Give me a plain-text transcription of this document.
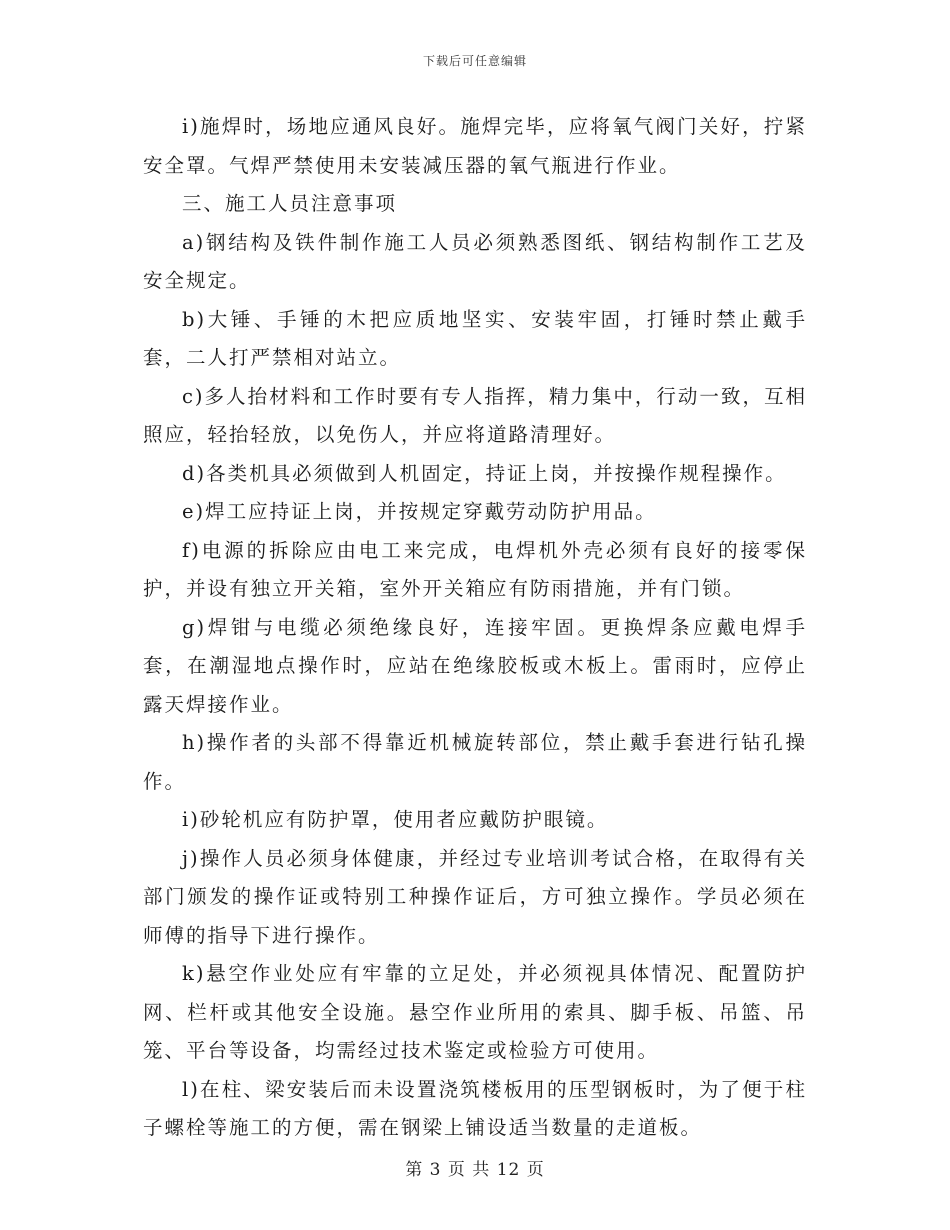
下载后可任意编辑

i)施焊时，场地应通风良好。施焊完毕，应将氧气阀门关好，拧紧安全罩。气焊严禁使用未安装减压器的氧气瓶进行作业。

三、施工人员注意事项

a)钢结构及铁件制作施工人员必须熟悉图纸、钢结构制作工艺及安全规定。

b)大锤、手锤的木把应质地坚实、安装牢固，打锤时禁止戴手套，二人打严禁相对站立。

c)多人抬材料和工作时要有专人指挥，精力集中，行动一致，互相照应，轻抬轻放，以免伤人，并应将道路清理好。

d)各类机具必须做到人机固定，持证上岗，并按操作规程操作。

e)焊工应持证上岗，并按规定穿戴劳动防护用品。

f)电源的拆除应由电工来完成，电焊机外壳必须有良好的接零保护，并设有独立开关箱，室外开关箱应有防雨措施，并有门锁。

g)焊钳与电缆必须绝缘良好，连接牢固。更换焊条应戴电焊手套，在潮湿地点操作时，应站在绝缘胶板或木板上。雷雨时，应停止露天焊接作业。

h)操作者的头部不得靠近机械旋转部位，禁止戴手套进行钻孔操作。

i)砂轮机应有防护罩，使用者应戴防护眼镜。

j)操作人员必须身体健康，并经过专业培训考试合格，在取得有关部门颁发的操作证或特别工种操作证后，方可独立操作。学员必须在师傅的指导下进行操作。

k)悬空作业处应有牢靠的立足处，并必须视具体情况、配置防护网、栏杆或其他安全设施。悬空作业所用的索具、脚手板、吊篮、吊笼、平台等设备，均需经过技术鉴定或检验方可使用。

l)在柱、梁安装后而未设置浇筑楼板用的压型钢板时，为了便于柱子螺栓等施工的方便，需在钢梁上铺设适当数量的走道板。

第 3 页 共 12 页
